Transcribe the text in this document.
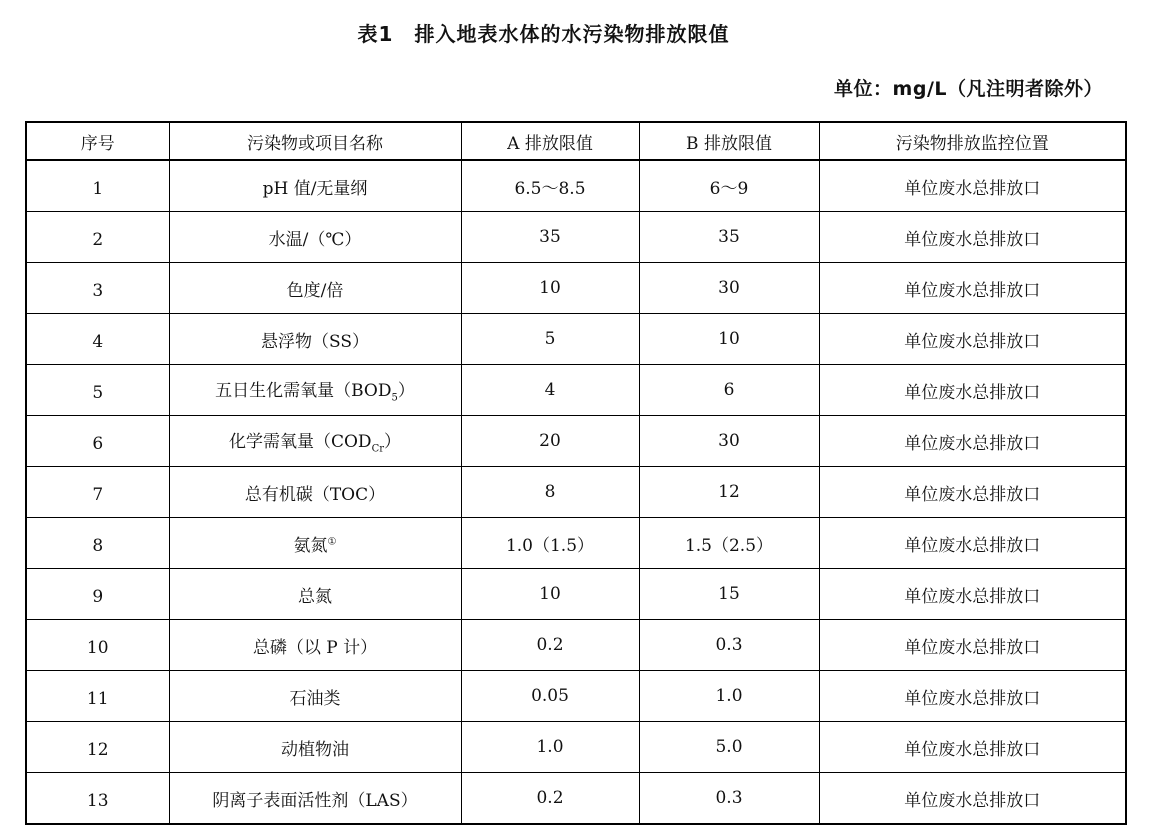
表1　排入地表水体的水污染物排放限值
单位：mg/L（凡注明者除外）
序号	污染物或项目名称	A 排放限值	B 排放限值	污染物排放监控位置
1	pH 值/无量纲	6.5～8.5	6～9	单位废水总排放口
2	水温/（℃）	35	35	单位废水总排放口
3	色度/倍	10	30	单位废水总排放口
4	悬浮物（SS）	5	10	单位废水总排放口
5	五日生化需氧量$(BOD_5)$	4	6	单位废水总排放口
6	化学需氧量$(COD_{Cr})$	20	30	单位废水总排放口
7	总有机碳（TOC）	8	12	单位废水总排放口
8	氨氮①	1.0（1.5）	1.5（2.5）	单位废水总排放口
9	总氮	10	15	单位废水总排放口
10	总磷（以 P 计）	0.2	0.3	单位废水总排放口
11	石油类	0.05	1.0	单位废水总排放口
12	动植物油	1.0	5.0	单位废水总排放口
13	阴离子表面活性剂（LAS）	0.2	0.3	单位废水总排放口
